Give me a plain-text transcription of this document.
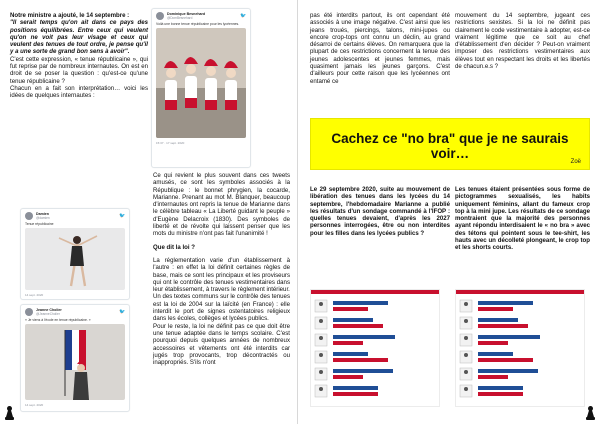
Notre ministre a ajouté, le 14 septembre :

"Il serait temps qu'on ait dans ce pays des positions équilibrées. Entre ceux qui veulent qu'on ne voit pas leur visage et ceux qui veulent des tenues de tout ordre, je pense qu'il y a une sorte de grand bon sens à avoir".

C'est cette expression, « tenue républicaine », qui fut reprise par de nombreux internautes. On est en droit de se poser la question : qu'est-ce qu'une tenue républicaine ?

Chacun en a fait son interprétation… voici les idées de quelques internautes :

Dominique Besnehard
@DomBesnehard	🐦
Voilà une bonne tenue républicaine pour les lycéennes.
15:37 · 17 sept. 2020

Ce qui revient le plus souvent dans ces tweets amusés, ce sont les symboles associés à la République : le bonnet phrygien, la cocarde, Marianne. Prenant au mot M. Blanquer, beaucoup d'internautes ont repris la tenue de Marianne dans le célèbre tableau « La Liberté guidant le peuple » d'Eugène Delacroix (1830). Des symboles de liberté et de révolte qui laissent penser que les mots du ministre n'ont pas fait l'unanimité !

Que dit la loi ?

La réglementation varie d'un établissement à l'autre : en effet la loi définit certaines règles de base, mais ce sont les principaux et les proviseurs qui ont le contrôle des tenues vestimentaires dans leur établissement, à travers le règlement intérieur.

Un des textes communs sur le contrôle des tenues est la loi de 2004 sur la laïcité (en France) : elle interdit le port de signes ostentatoires religieux dans les écoles, collèges et lycées publics.

Pour le reste, la loi ne définit pas ce que doit être une tenue adaptée dans le temps scolaire. C'est pourquoi depuis quelques années de nombreux accessoires et vêtements ont été interdits car jugés trop provocants, trop décontractés ou inappropriés. S'ils n'ont

Damien
@damien	🐦
Tenue républicaine
14 sept. 2020
Jeanne Cholier
@JeanneCholier	🐦
« Je viens à l'école en tenue républicaine. »
14 sept. 2020

pas été interdits partout, ils ont cependant été associés à une image négative. C'est ainsi que les jeans troués, piercings, talons, mini-jupes ou encore crop-tops ont connu un déclin, au grand désarroi de certains élèves. On remarquera que la plupart de ces restrictions concernent la tenue des jeunes adolescentes et jeunes femmes, mais quasiment jamais les jeunes garçons. C'est d'ailleurs pour cette raison que les lycéennes ont entamé ce

mouvement du 14 septembre, jugeant ces restrictions sexistes. Si la loi ne définit pas clairement le code vestimentaire à adopter, est-ce vraiment légitime que ce soit au chef d'établissement d'en décider ? Peut-on vraiment imposer des restrictions vestimentaires aux élèves tout en respectant les droits et les libertés de chacun.e.s ?

Cachez ce "no bra" que je ne saurais voir…
Zoë

Le 29 septembre 2020, suite au mouvement de libération des tenues dans les lycées du 14 septembre, l'hebdomadaire Marianne a publié les résultats d'un sondage commandé à l'IFOP : quelles tenues devaient, d'après les 2027 personnes interrogées, être ou non interdites pour les filles dans les lycées publics ?

Les tenues étaient présentées sous forme de pictogrammes sexualisés, les habits uniquement féminins, allant du fameux crop top à la mini jupe. Les résultats de ce sondage montraient que la majorité des personnes ayant répondu interdisaient le « no bra » avec des tétons qui pointent sous le tee-shirt, les hauts avec un décolleté plongeant, le crop top et les shorts courts.
